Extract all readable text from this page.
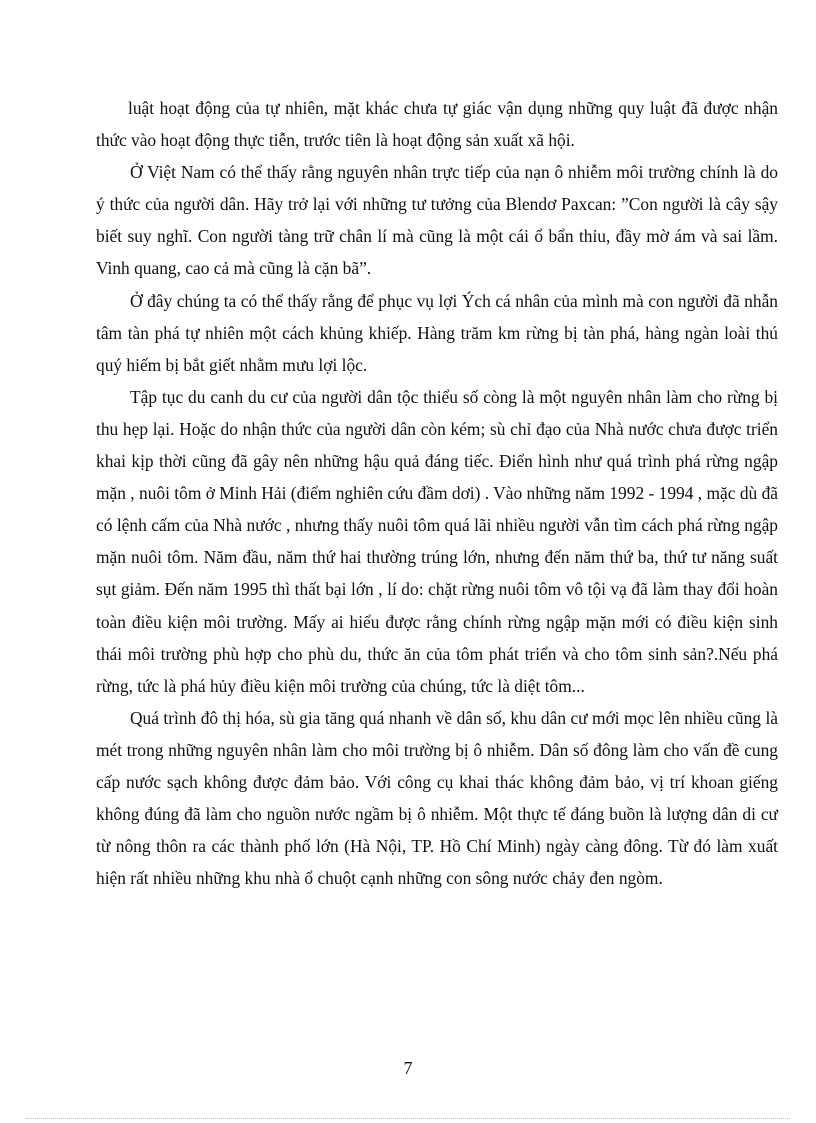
luật hoạt động của tự nhiên, mặt khác chưa tự giác vận dụng những quy luật đã được nhận thức vào hoạt động thực tiễn, trước tiên là hoạt động sản xuất xã hội.

Ở Việt Nam có thể thấy rằng nguyên nhân trực tiếp của nạn ô nhiễm môi trường chính là do ý thức của người dân. Hãy trở lại với những tư tưởng của Blendơ Paxcan: ”Con người là cây sậy biết suy nghĩ. Con người tàng trữ chân lí mà cũng là một cái ổ bẩn thỉu, đầy mờ ám và sai lầm. Vinh quang, cao cả mà cũng là cặn bã”.

Ở đây chúng ta có thể thấy rằng để phục vụ lợi Ých cá nhân của mình mà con người đã nhẫn tâm tàn phá tự nhiên một cách khủng khiếp. Hàng trăm km rừng bị tàn phá, hàng ngàn loài thú quý hiếm bị bắt giết nhằm mưu lợi lộc.

Tập tục du canh du cư của người dân tộc thiểu số còng là một nguyên nhân làm cho rừng bị thu hẹp lại. Hoặc do nhận thức của người dân còn kém; sù chỉ đạo của Nhà nước chưa được triển khai kịp thời cũng đã gây nên những hậu quả đáng tiếc. Điển hình như quá trình phá rừng ngập mặn , nuôi tôm ở Minh Hải (điểm nghiên cứu đầm dơi) . Vào những năm 1992 - 1994 , mặc dù đã có lệnh cấm của Nhà nước , nhưng thấy nuôi tôm quá lãi nhiều người vẫn tìm cách phá rừng ngập mặn nuôi tôm. Năm đầu, năm thứ hai thường trúng lớn, nhưng đến năm thứ ba, thứ tư năng suất sụt giảm. Đến năm 1995 thì thất bại lớn , lí do: chặt rừng nuôi tôm vô tội vạ đã làm thay đổi hoàn toàn điều kiện môi trường. Mấy ai hiểu được rằng chính rừng ngập mặn mới có điều kiện sinh thái môi trường phù hợp cho phù du, thức ăn của tôm phát triển và cho tôm sinh sản?.Nếu phá rừng, tức là phá hủy điều kiện môi trường của chúng, tức là diệt tôm...

Quá trình đô thị hóa, sù gia tăng quá nhanh về dân số, khu dân cư mới mọc lên nhiều cũng là mét trong những nguyên nhân làm cho môi trường bị ô nhiễm. Dân số đông làm cho vấn đề cung cấp nước sạch không được đảm bảo. Với công cụ khai thác không đảm bảo, vị trí khoan giếng không đúng đã làm cho nguồn nước ngầm bị ô nhiễm. Một thực tế đáng buồn là lượng dân di cư từ nông thôn ra các thành phố lớn (Hà Nội, TP. Hồ Chí Minh) ngày càng đông. Từ đó làm xuất hiện rất nhiều những khu nhà ổ chuột cạnh những con sông nước chảy đen ngòm.

7
